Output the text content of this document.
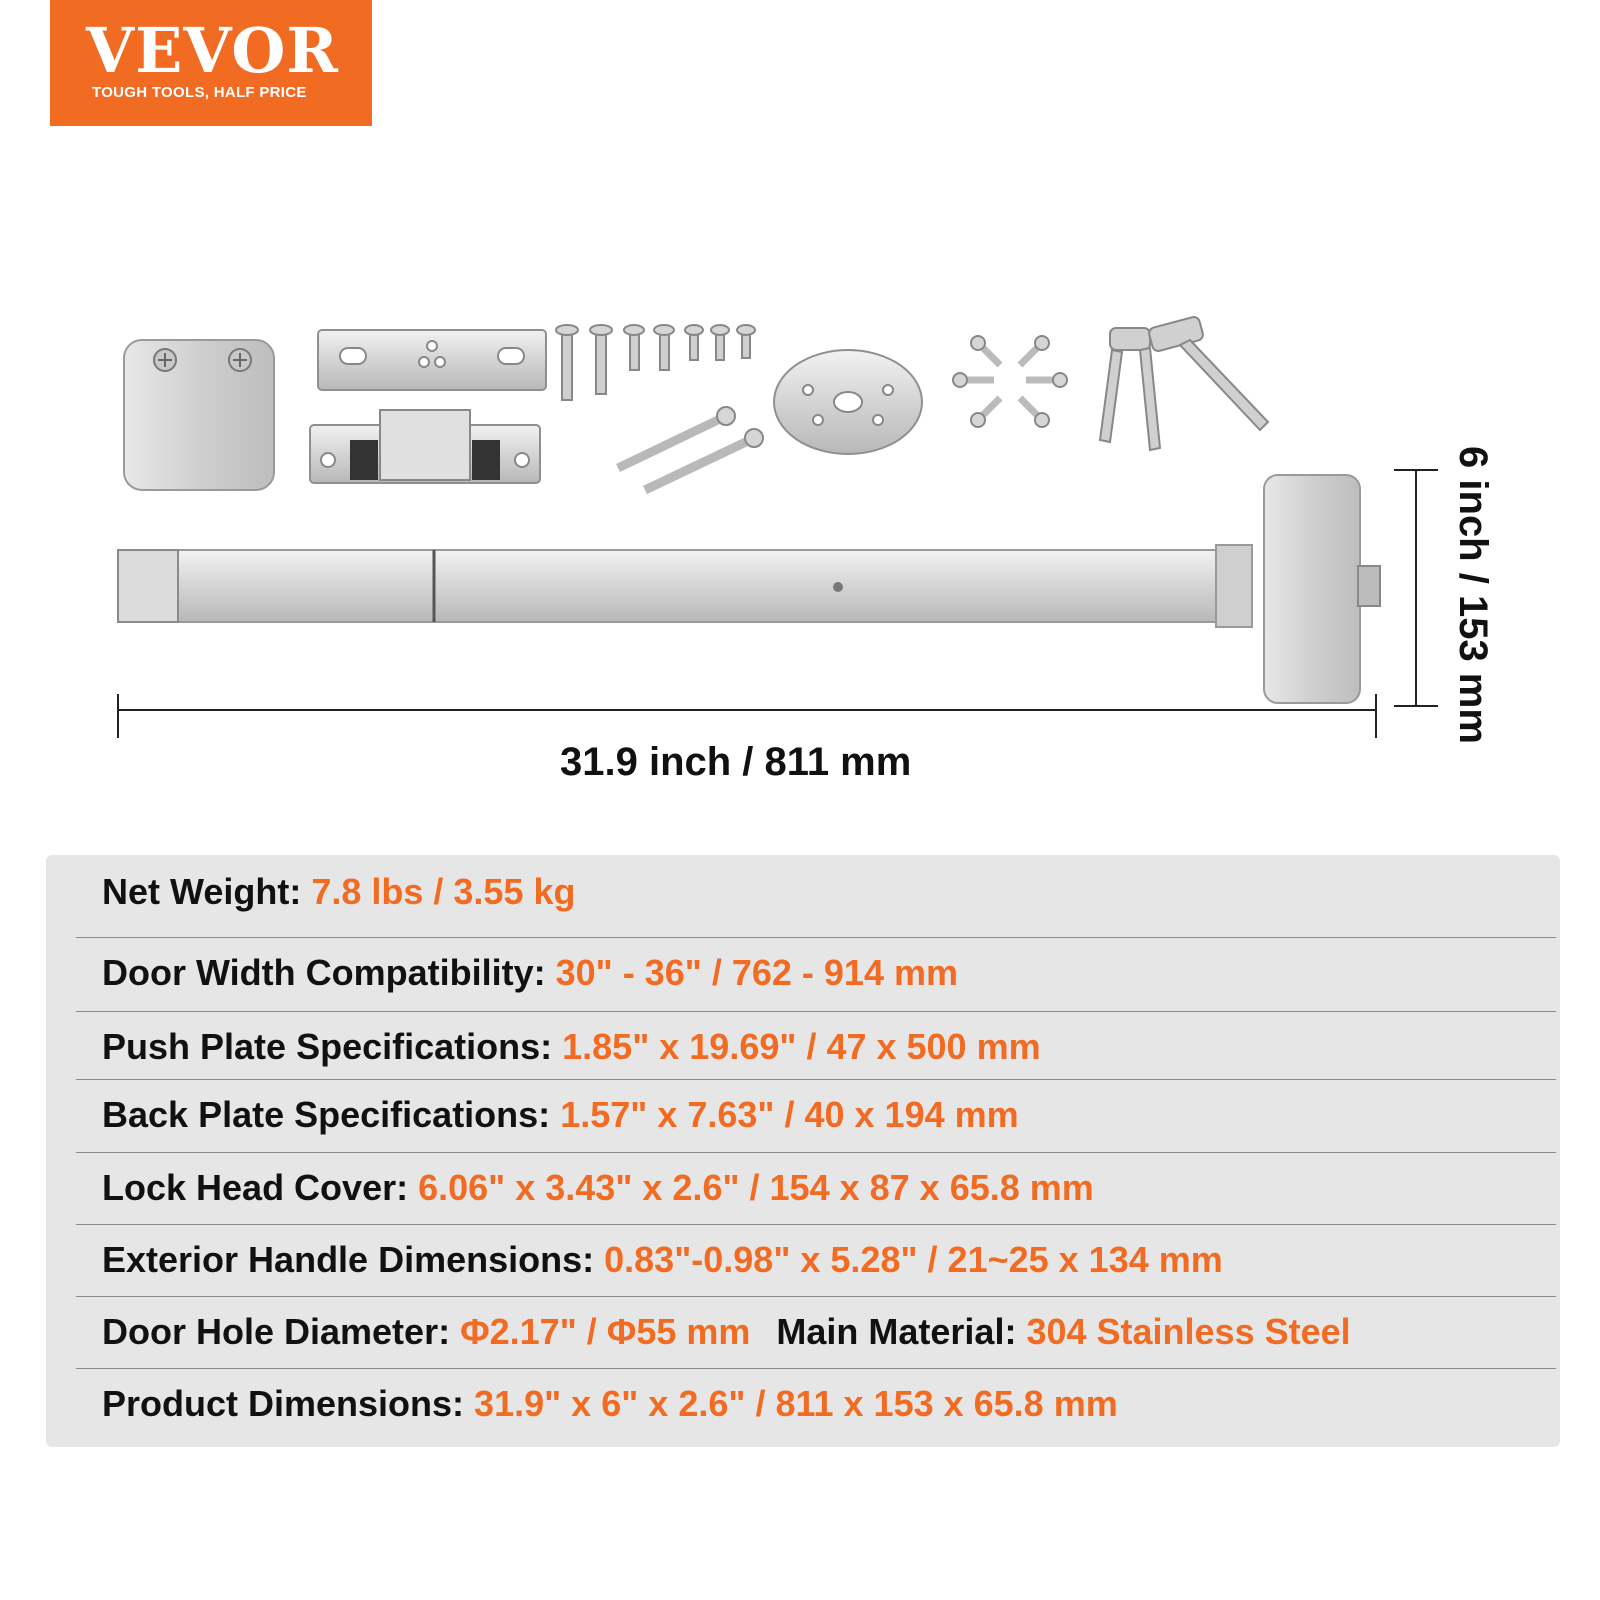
VEVOR
TOUGH TOOLS, HALF PRICE
31.9 inch / 811 mm
6 inch / 153 mm
Net Weight: 7.8 lbs / 3.55 kg
Door Width Compatibility: 30" - 36" / 762 - 914 mm
Push Plate Specifications: 1.85" x 19.69" / 47 x 500 mm
Back Plate Specifications: 1.57" x 7.63" / 40 x 194 mm
Lock Head Cover: 6.06" x 3.43" x 2.6" / 154 x 87 x 65.8 mm
Exterior Handle Dimensions: 0.83"-0.98" x 5.28" / 21~25 x 134 mm
Door Hole Diameter: Φ2.17" / Φ55 mm Main Material: 304 Stainless Steel
Product Dimensions: 31.9" x 6" x 2.6" / 811 x 153 x 65.8 mm
